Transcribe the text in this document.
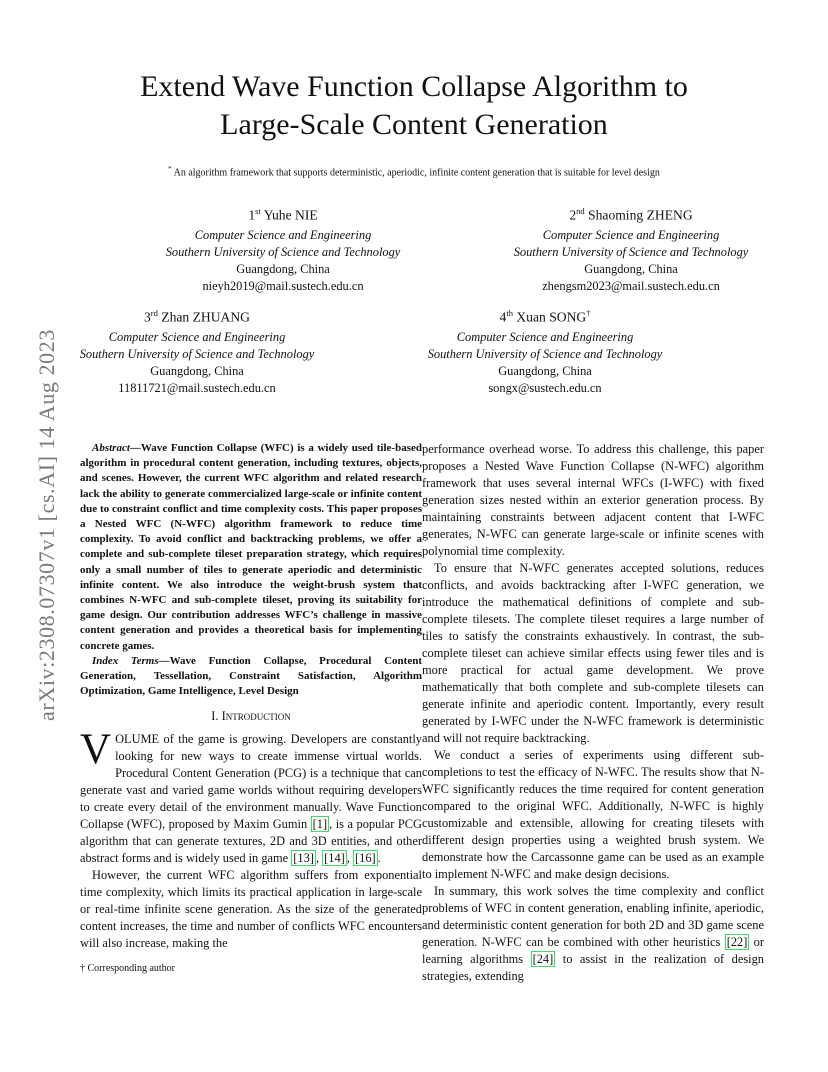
arXiv:2308.07307v1 [cs.AI] 14 Aug 2023
Extend Wave Function Collapse Algorithm to
Large-Scale Content Generation
* An algorithm framework that supports deterministic, aperiodic, infinite content generation that is suitable for level design
1st Yuhe NIE
Computer Science and Engineering
Southern University of Science and Technology
Guangdong, China
nieyh2019@mail.sustech.edu.cn
2nd Shaoming ZHENG
Computer Science and Engineering
Southern University of Science and Technology
Guangdong, China
zhengsm2023@mail.sustech.edu.cn
3rd Zhan ZHUANG
Computer Science and Engineering
Southern University of Science and Technology
Guangdong, China
11811721@mail.sustech.edu.cn
4th Xuan SONG†
Computer Science and Engineering
Southern University of Science and Technology
Guangdong, China
songx@sustech.edu.cn

Abstract—Wave Function Collapse (WFC) is a widely used tile-based algorithm in procedural content generation, including textures, objects, and scenes. However, the current WFC algorithm and related research lack the ability to generate commercialized large-scale or infinite content due to constraint conflict and time complexity costs. This paper proposes a Nested WFC (N-WFC) algorithm framework to reduce time complexity. To avoid conflict and backtracking problems, we offer a complete and sub-complete tileset preparation strategy, which requires only a small number of tiles to generate aperiodic and deterministic infinite content. We also introduce the weight-brush system that combines N-WFC and sub-complete tileset, proving its suitability for game design. Our contribution addresses WFC’s challenge in massive content generation and provides a theoretical basis for implementing concrete games.

Index Terms—Wave Function Collapse, Procedural Content Generation, Tessellation, Constraint Satisfaction, Algorithm Optimization, Game Intelligence, Level Design

I. Introduction

VOLUME of the game is growing. Developers are constantly looking for new ways to create immense virtual worlds. Procedural Content Generation (PCG) is a technique that can generate vast and varied game worlds without requiring developers to create every detail of the environment manually. Wave Function Collapse (WFC), proposed by Maxim Gumin [1] , is a popular PCG algorithm that can generate textures, 2D and 3D entities, and other abstract forms and is widely used in game [13] , [14] , [16] .

However, the current WFC algorithm suffers from exponential time complexity, which limits its practical application in large-scale or real-time infinite scene generation. As the size of the generated content increases, the time and number of conflicts WFC encounters will also increase, making the

performance overhead worse. To address this challenge, this paper proposes a Nested Wave Function Collapse (N-WFC) algorithm framework that uses several internal WFCs (I-WFC) with fixed generation sizes nested within an exterior generation process. By maintaining constraints between adjacent content that I-WFC generates, N-WFC can generate large-scale or infinite scenes with polynomial time complexity.

To ensure that N-WFC generates accepted solutions, reduces conflicts, and avoids backtracking after I-WFC generation, we introduce the mathematical definitions of complete and sub-complete tilesets. The complete tileset requires a large number of tiles to satisfy the constraints exhaustively. In contrast, the sub-complete tileset can achieve similar effects using fewer tiles and is more practical for actual game development. We prove mathematically that both complete and sub-complete tilesets can generate infinite and aperiodic content. Importantly, every result generated by I-WFC under the N-WFC framework is deterministic and will not require backtracking.

We conduct a series of experiments using different sub-completions to test the efficacy of N-WFC. The results show that N-WFC significantly reduces the time required for content generation compared to the original WFC. Additionally, N-WFC is highly customizable and extensible, allowing for creating tilesets with different design properties using a weighted brush system. We demonstrate how the Carcassonne game can be used as an example to implement N-WFC and make design decisions.

In summary, this work solves the time complexity and conflict problems of WFC in content generation, enabling infinite, aperiodic, and deterministic content generation for both 2D and 3D game scene generation. N-WFC can be combined with other heuristics [22] or learning algorithms [24] to assist in the realization of design strategies, extending

† Corresponding author
